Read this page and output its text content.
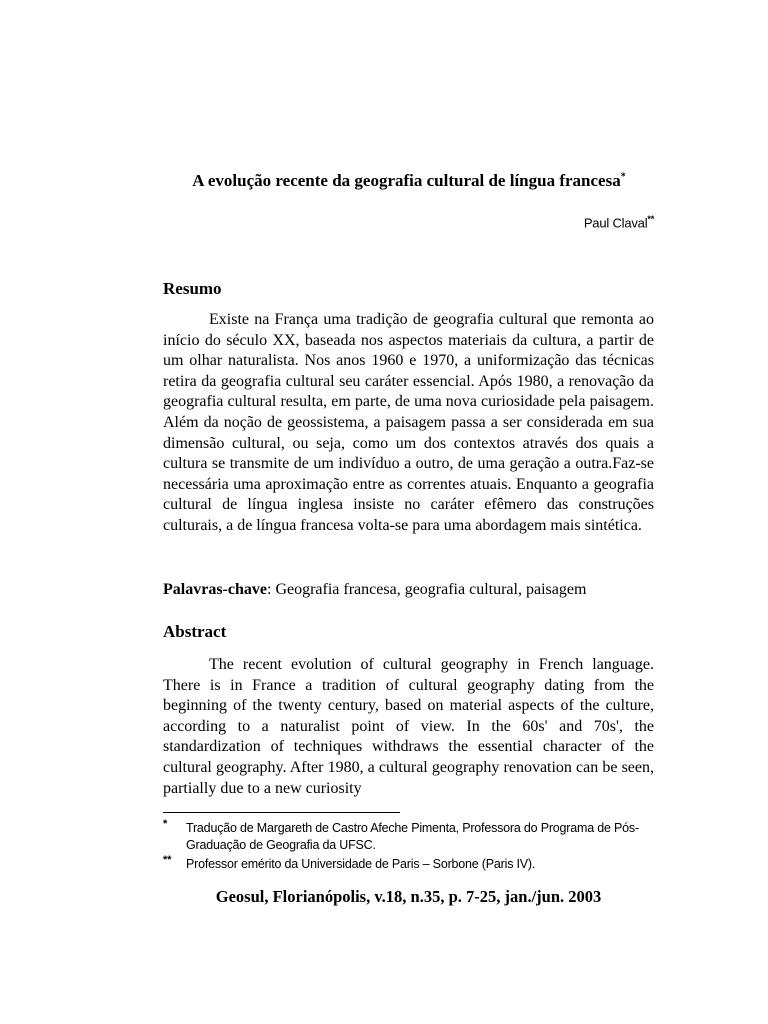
A evolução recente da geografia cultural de língua francesa*
Paul Claval**
Resumo

Existe na França uma tradição de geografia cultural que remonta ao início do século XX, baseada nos aspectos materiais da cultura, a partir de um olhar naturalista. Nos anos 1960 e 1970, a uniformização das técnicas retira da geografia cultural seu caráter essencial. Após 1980, a renovação da geografia cultural resulta, em parte, de uma nova curiosidade pela paisagem. Além da noção de geossistema, a paisagem passa a ser considerada em sua dimensão cultural, ou seja, como um dos contextos através dos quais a cultura se transmite de um indivíduo a outro, de uma geração a outra.Faz-se necessária uma aproximação entre as correntes atuais. Enquanto a geografia cultural de língua inglesa insiste no caráter efêmero das construções culturais, a de língua francesa volta-se para uma abordagem mais sintética.

Palavras-chave: Geografia francesa, geografia cultural, paisagem
Abstract

The recent evolution of cultural geography in French language. There is in France a tradition of cultural geography dating from the beginning of the twenty century, based on material aspects of the culture, according to a naturalist point of view. In the 60s' and 70s', the standardization of techniques withdraws the essential character of the cultural geography. After 1980, a cultural geography renovation can be seen, partially due to a new curiosity

* Tradução de Margareth de Castro Afeche Pimenta, Professora do Programa de Pós-Graduação de Geografia da UFSC.
** Professor emérito da Universidade de Paris – Sorbone (Paris IV).
Geosul, Florianópolis, v.18, n.35, p. 7-25, jan./jun. 2003
